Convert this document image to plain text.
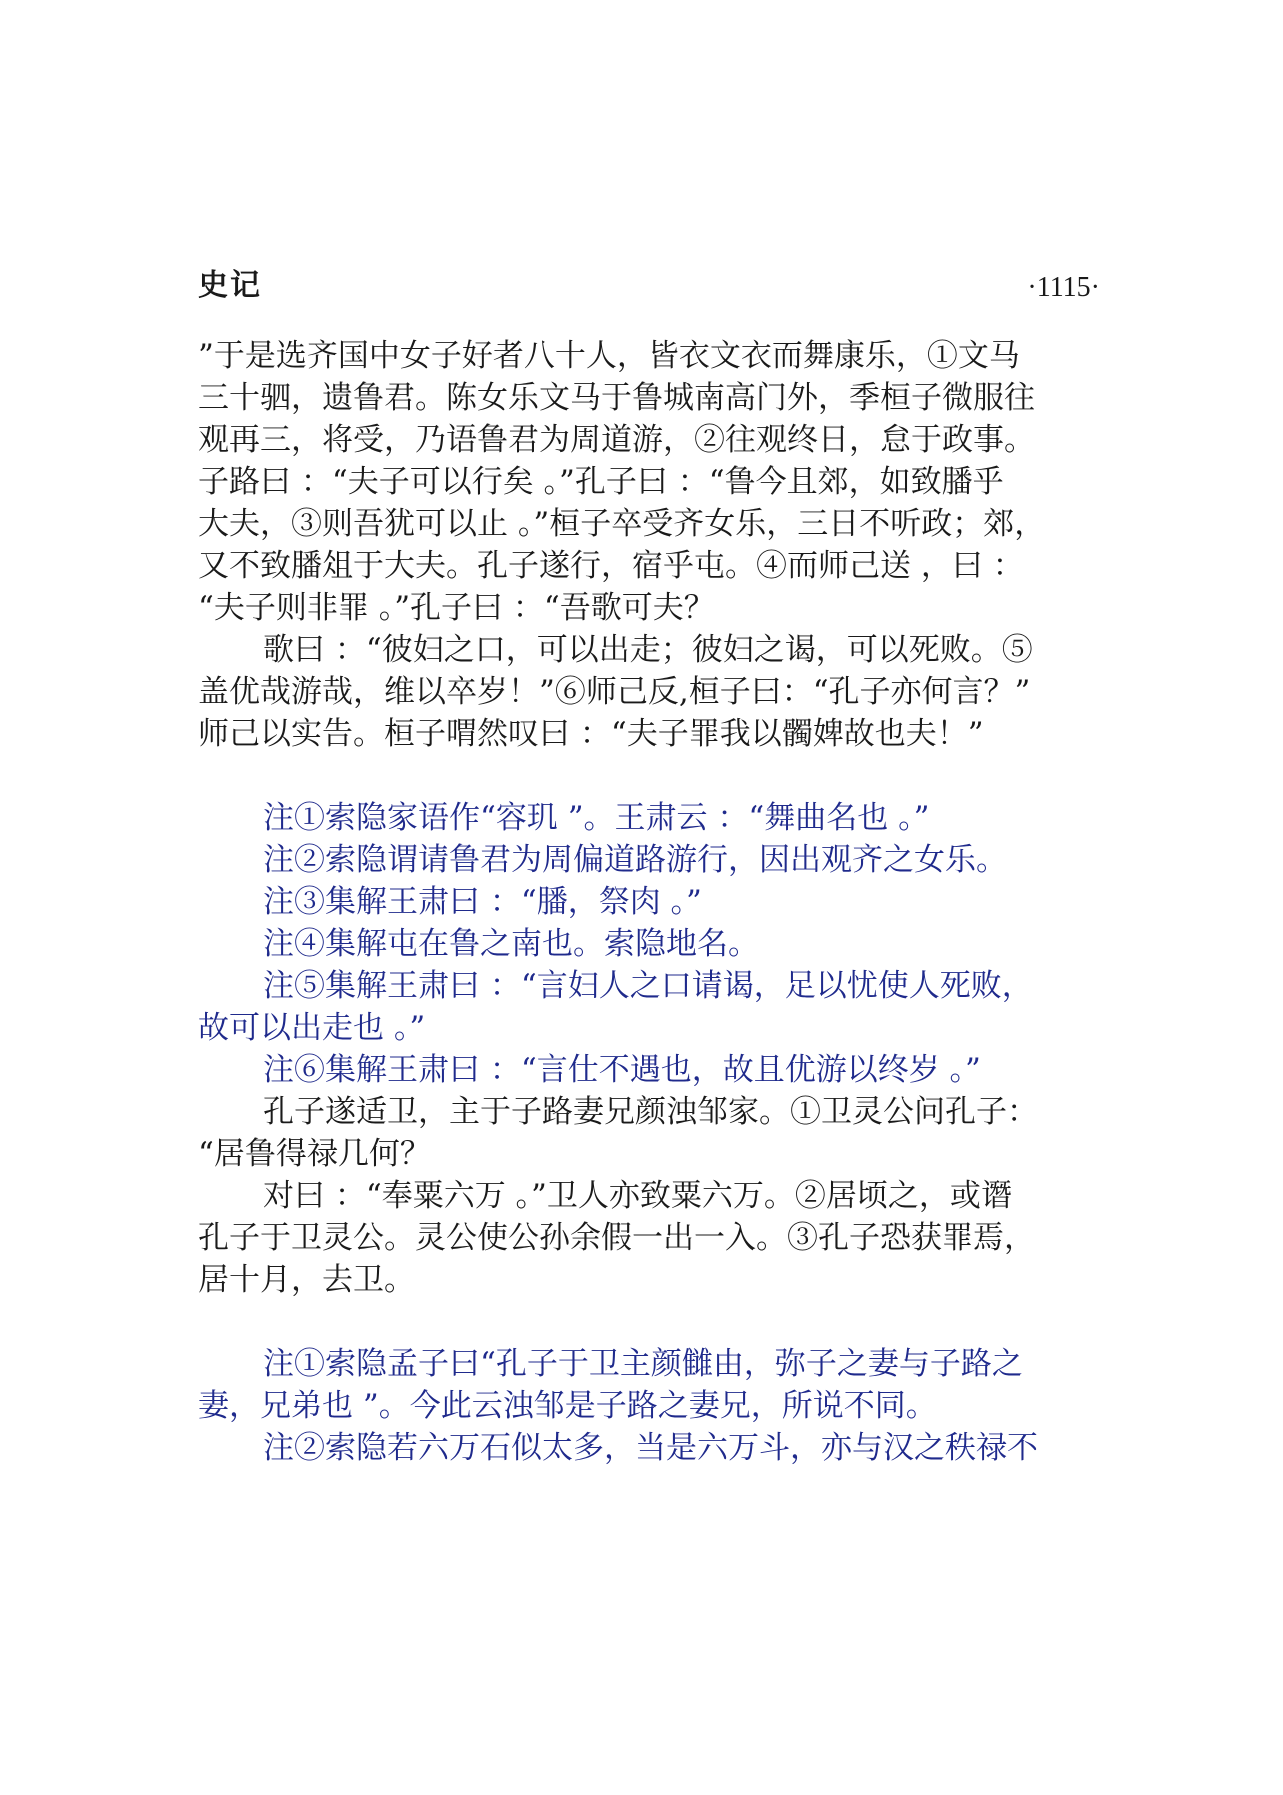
史记	·1115·
”于是选齐国中女子好者八十人，皆衣文衣而舞康乐，①文马
三十驷，遗鲁君。陈女乐文马于鲁城南高门外，季桓子微服往
观再三，将受，乃语鲁君为周道游，②往观终日，怠于政事。
子路曰 ：“夫子可以行矣 。”孔子曰 ：“鲁今且郊，如致膰乎
大夫，③则吾犹可以止 。”桓子卒受齐女乐，三日不听政；郊，
又不致膰俎于大夫。孔子遂行，宿乎屯。④而师己送 ，曰 ：
“夫子则非罪 。”孔子曰 ：“吾歌可夫？
歌曰 ：“彼妇之口，可以出走；彼妇之谒，可以死败。⑤
盖优哉游哉，维以卒岁！”⑥师己反,桓子曰：“孔子亦何言？”
师己以实告。桓子喟然叹曰 ：“夫子罪我以髑婢故也夫！”
注①索隐家语作“容玑 ”。王肃云 ：“舞曲名也 。”
注②索隐谓请鲁君为周偏道路游行，因出观齐之女乐。
注③集解王肃曰 ：“膰，祭肉 。”
注④集解屯在鲁之南也。索隐地名。
注⑤集解王肃曰 ：“言妇人之口请谒，足以忧使人死败，
故可以出走也 。”
注⑥集解王肃曰 ：“言仕不遇也，故且优游以终岁 。”
孔子遂适卫，主于子路妻兄颜浊邹家。①卫灵公问孔子：
“居鲁得禄几何？
对曰 ：“奉粟六万 。”卫人亦致粟六万。②居顷之，或谮
孔子于卫灵公。灵公使公孙余假一出一入。③孔子恐获罪焉，
居十月，去卫。
注①索隐孟子曰“孔子于卫主颜雠由，弥子之妻与子路之
妻，兄弟也 ”。今此云浊邹是子路之妻兄，所说不同。
注②索隐若六万石似太多，当是六万斗，亦与汉之秩禄不
